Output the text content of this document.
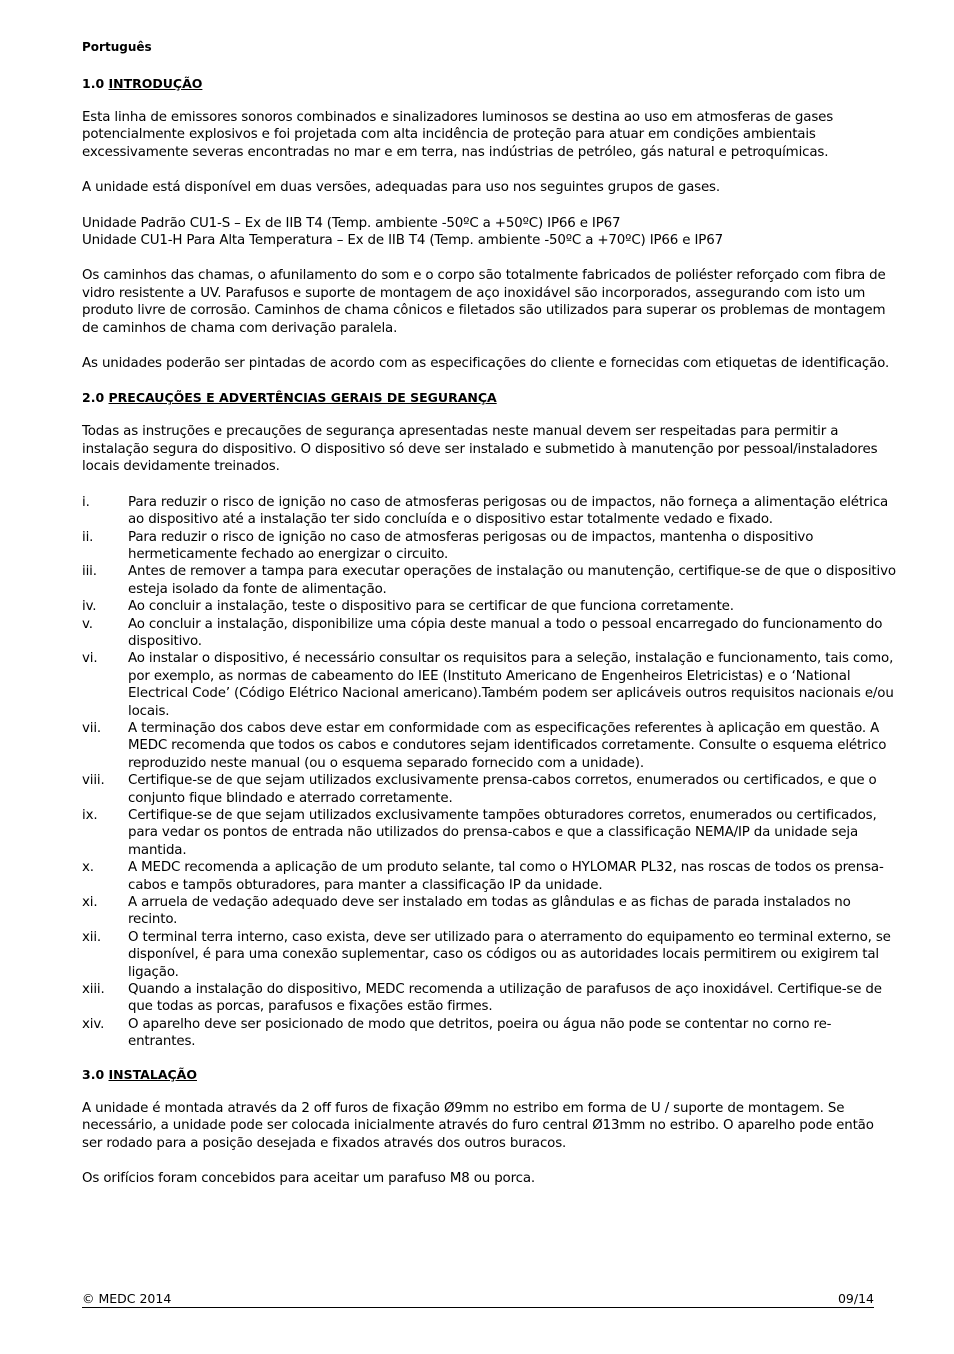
Português
1.0 INTRODUÇÃO

Esta linha de emissores sonoros combinados e sinalizadores luminosos se destina ao uso em atmosferas de gases potencialmente explosivos e foi projetada com alta incidência de proteção para atuar em condições ambientais excessivamente severas encontradas no mar e em terra, nas indústrias de petróleo, gás natural e petroquímicas.

A unidade está disponível em duas versões, adequadas para uso nos seguintes grupos de gases.

Unidade Padrão CU1-S – Ex de IIB T4 (Temp. ambiente -50ºC a +50ºC) IP66 e IP67

Unidade CU1-H Para Alta Temperatura – Ex de IIB T4 (Temp. ambiente -50ºC a +70ºC) IP66 e IP67

Os caminhos das chamas, o afunilamento do som e o corpo são totalmente fabricados de poliéster reforçado com fibra de vidro resistente a UV. Parafusos e suporte de montagem de aço inoxidável são incorporados, assegurando com isto um produto livre de corrosão. Caminhos de chama cônicos e filetados são utilizados para superar os problemas de montagem de caminhos de chama com derivação paralela.

As unidades poderão ser pintadas de acordo com as especificações do cliente e fornecidas com etiquetas de identificação.

2.0 PRECAUÇÕES E ADVERTÊNCIAS GERAIS DE SEGURANÇA

Todas as instruções e precauções de segurança apresentadas neste manual devem ser respeitadas para permitir a instalação segura do dispositivo. O dispositivo só deve ser instalado e submetido à manutenção por pessoal/instaladores locais devidamente treinados.

i.	Para reduzir o risco de ignição no caso de atmosferas perigosas ou de impactos, não forneça a alimentação elétrica ao dispositivo até a instalação ter sido concluída e o dispositivo estar totalmente vedado e fixado.
ii.	Para reduzir o risco de ignição no caso de atmosferas perigosas ou de impactos, mantenha o dispositivo hermeticamente fechado ao energizar o circuito.
iii.	Antes de remover a tampa para executar operações de instalação ou manutenção, certifique-se de que o dispositivo esteja isolado da fonte de alimentação.
iv.	Ao concluir a instalação, teste o dispositivo para se certificar de que funciona corretamente.
v.	Ao concluir a instalação, disponibilize uma cópia deste manual a todo o pessoal encarregado do funcionamento do dispositivo.
vi.	Ao instalar o dispositivo, é necessário consultar os requisitos para a seleção, instalação e funcionamento, tais como, por exemplo, as normas de cabeamento do IEE (Instituto Americano de Engenheiros Eletricistas) e o ‘National Electrical Code’ (Código Elétrico Nacional americano).Também podem ser aplicáveis outros requisitos nacionais e/ou locais.
vii.	A terminação dos cabos deve estar em conformidade com as especificações referentes à aplicação em questão. A MEDC recomenda que todos os cabos e condutores sejam identificados corretamente. Consulte o esquema elétrico reproduzido neste manual (ou o esquema separado fornecido com a unidade).
viii.	Certifique-se de que sejam utilizados exclusivamente prensa-cabos corretos, enumerados ou certificados, e que o conjunto fique blindado e aterrado corretamente.
ix.	Certifique-se de que sejam utilizados exclusivamente tampões obturadores corretos, enumerados ou certificados, para vedar os pontos de entrada não utilizados do prensa-cabos e que a classificação NEMA/IP da unidade seja mantida.
x.	A MEDC recomenda a aplicação de um produto selante, tal como o HYLOMAR PL32, nas roscas de todos os prensa-cabos e tampõs obturadores, para manter a classificação IP da unidade.
xi.	A arruela de vedação adequado deve ser instalado em todas as glândulas e as fichas de parada instalados no recinto.
xii.	O terminal terra interno, caso exista, deve ser utilizado para o aterramento do equipamento eo terminal externo, se disponível, é para uma conexão suplementar, caso os códigos ou as autoridades locais permitirem ou exigirem tal ligação.
xiii.	Quando a instalação do dispositivo, MEDC recomenda a utilização de parafusos de aço inoxidável. Certifique-se de que todas as porcas, parafusos e fixações estão firmes.
xiv.	O aparelho deve ser posicionado de modo que detritos, poeira ou água não pode se contentar no corno re-entrantes.
3.0 INSTALAÇÃO

A unidade é montada através da 2 off furos de fixação Ø9mm no estribo em forma de U / suporte de montagem. Se necessário, a unidade pode ser colocada inicialmente através do furo central Ø13mm no estribo. O aparelho pode então ser rodado para a posição desejada e fixados através dos outros buracos.

Os orifícios foram concebidos para aceitar um parafuso M8 ou porca.

© MEDC 2014	09/14
